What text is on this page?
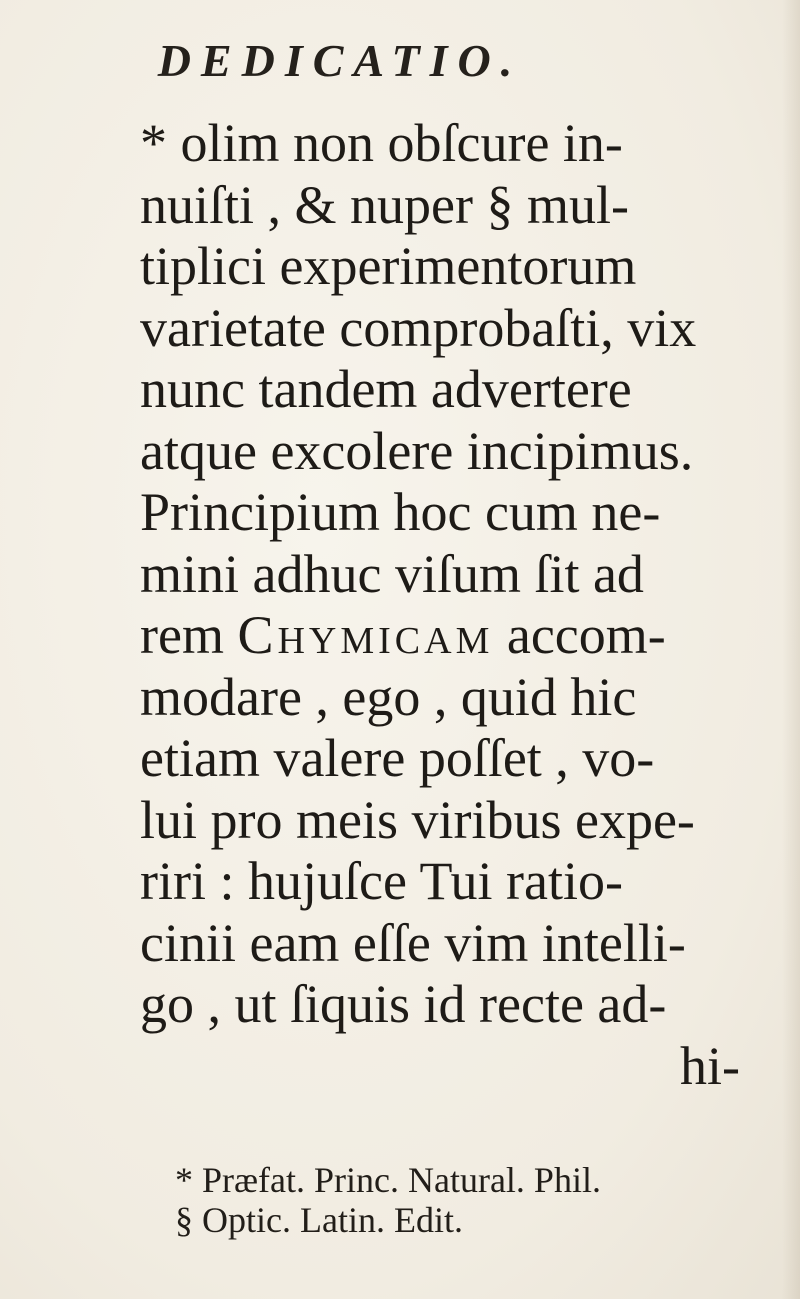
DEDICATIO.
* olim non obſcure in-
nuiſti , & nuper § mul-
tiplici experimentorum
varietate comprobaſti, vix
nunc tandem advertere
atque excolere incipimus.
Principium hoc cum ne-
mini adhuc viſum ſit ad
rem Chymicam accom-
modare , ego , quid hic
etiam valere poſſet , vo-
lui pro meis viribus expe-
riri : hujuſce Tui ratio-
cinii eam eſſe vim intelli-
go , ut ſiquis id recte ad-
hi-
* Præfat. Princ. Natural. Phil.
§ Optic. Latin. Edit.
